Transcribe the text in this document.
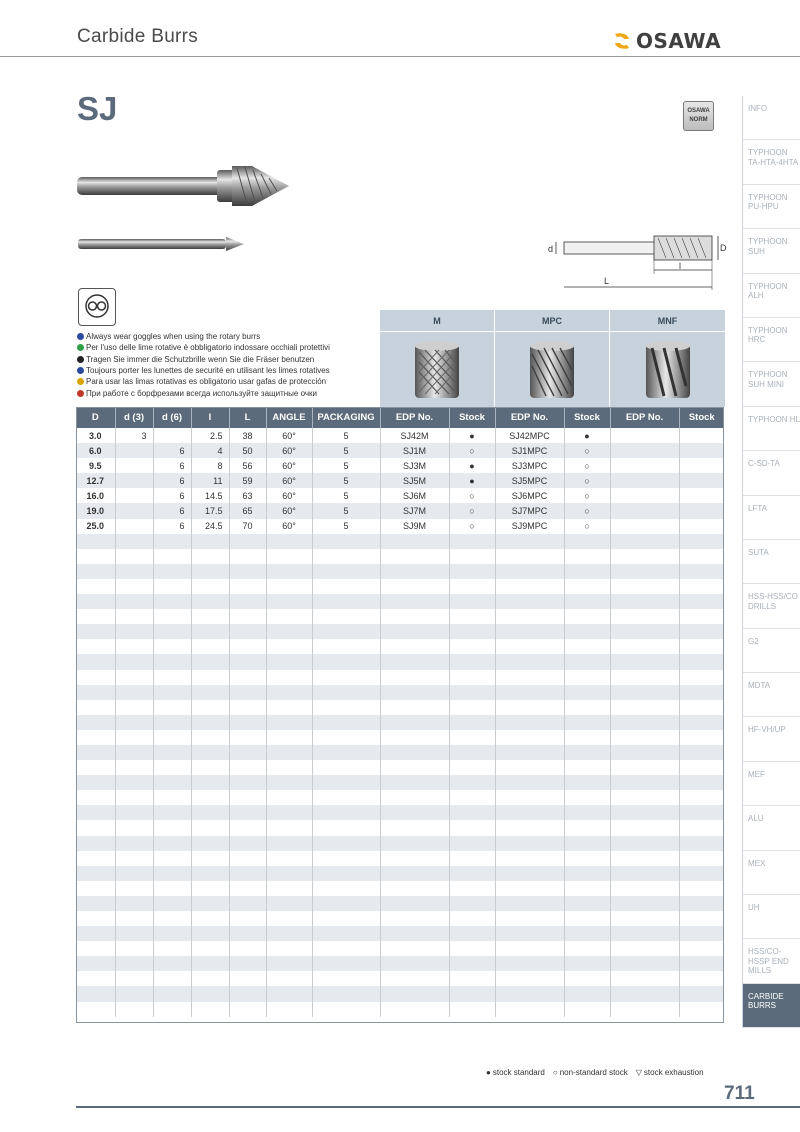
Carbide Burrs	OSAWA
SJ	OSAWA
NORM
d	D
l
L
Always wear goggles when using the rotary burrs
Per l'uso delle lime rotative è obbligatorio indossare occhiali protettivi
Tragen Sie immer die Schutzbrille wenn Sie die Fräser benutzen
Toujours porter les lunettes de securité en utilisant les limes rotatives
Para usar las limas rotativas es obligatorio usar gafas de protección
При работе с борфрезами всегда используйте защитные очки
M	MPC	MNF
D	d (3)	d (6)	l	L	ANGLE	PACKAGING	EDP No.	Stock	EDP No.	Stock	EDP No.	Stock
3.0	3		2.5	38	60°	5	SJ42M	●	SJ42MPC	●		
6.0		6	4	50	60°	5	SJ1M	○	SJ1MPC	○		
9.5		6	8	56	60°	5	SJ3M	●	SJ3MPC	○		
12.7		6	11	59	60°	5	SJ5M	●	SJ5MPC	○		
16.0		6	14.5	63	60°	5	SJ6M	○	SJ6MPC	○		
19.0		6	17.5	65	60°	5	SJ7M	○	SJ7MPC	○		
25.0		6	24.5	70	60°	5	SJ9M	○	SJ9MPC	○		

INFO
TYPHOON TA-HTA-4HTA
TYPHOON PU-HPU
TYPHOON SUH
TYPHOON ALH
TYPHOON HRC
TYPHOON SUH MINI
TYPHOON HL
C-SD-TA
LFTA
SUTA
HSS-HSS/CO DRILLS
G2
MDTA
HF-VH/UP
MEF
ALU
MEX
UH
HSS/CO-HSSP END MILLS
CARBIDE BURRS
● stock standard ○ non-standard stock ▽ stock exhaustion
711
